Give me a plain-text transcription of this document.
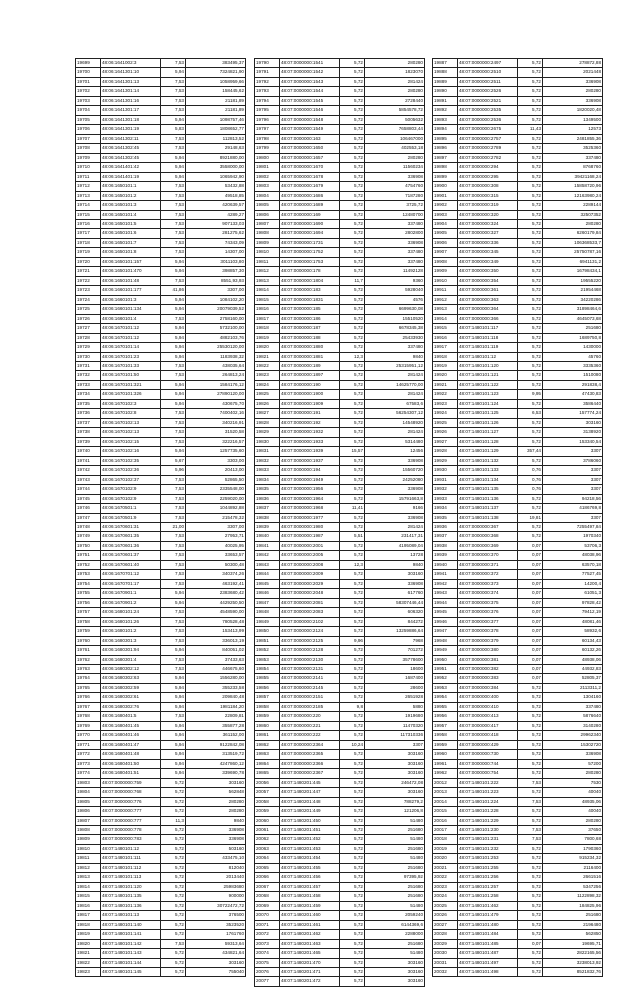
19699	48:06:1641002:3	7,53	383495,37
19700	48:06:1641301:10	5,94	7324821,90
19701	48:06:1641301:13	7,53	1058959,66
19702	48:06:1641301:14	7,53	158445,62
19703	48:06:1641301:16	7,53	21181,89
19704	48:06:1641301:17	7,53	21181,89
19705	48:06:1641301:18	5,94	1098757,46
19706	48:06:1641301:19	5,83	1808652,77
19707	48:06:1641302:11	7,53	112813,52
19708	48:06:1641302:45	7,53	29148,63
19709	48:06:1641302:45	5,94	8921880,00
19710	48:06:1641401:42	5,94	3558000,00
19711	48:06:1641401:19	5,94	1065942,90
19712	48:06:1650101:1	7,53	53432,88
19713	48:06:1650101:2	7,53	49518,85
19714	48:06:1650101:3	7,53	420639,57
19715	48:06:1650101:4	7,53	4289,27
19716	48:06:1650101:5	7,53	907133,03
19717	48:06:1650101:6	7,53	281275,62
19718	48:06:1650101:7	7,53	74343,09
19719	48:06:1650101:8	7,53	14307,00
19720	48:06:1650101:157	5,94	3011103,80
19721	48:06:1650101:470	5,94	398857,30
19722	48:06:1650101:48	7,53	8551,93,93
19723	48:06:1660101:177	41,86	3307,00
19724	48:06:1660101:3	5,94	1084102,20
19725	48:06:1660101:134	5,94	20079039,52
19726	48:06:1660101:4	7,53	2758160,00
19727	48:06:1670101:12	5,94	5732100,00
19728	48:06:1670101:12	5,94	4882103,76
19729	48:06:1670101:14	5,94	25530120,00
19730	48:06:1670101:23	5,94	1183938,32
19731	48:06:1670101:33	7,53	438035,64
19732	48:06:1670101:50	7,53	264813,24
19733	48:06:1670101:321	5,94	1584176,12
19734	48:06:1670101:326	5,94	27890120,00
19735	48:06:1670102:3	5,94	430675,70
19736	48:06:1670102:8	7,53	7400402,16
19737	48:06:1670102:13	7,53	340216,91
19738	48:06:1670102:13	7,53	31520,58
19739	48:06:1670102:15	7,53	322216,57
19740	48:06:1670102:16	5,94	1257735,60
19741	48:06:1670102:35	5,67	3303,00
19742	48:06:1670102:36	5,96	20413,00
19743	48:06:1670102:37	7,53	52865,50
19744	48:06:1670102:9	7,53	2335548,00
19745	48:06:1670102:9	7,53	2259020,00
19746	48:06:1670501:1	7,53	1044892,88
19747	48:06:1670501:9	7,53	215478,32
19748	48:06:1670601:31	21,00	3307,00
19749	48:06:1670601:35	7,53	27953,71
19750	48:06:1670601:36	7,53	40025,95
19751	48:06:1670601:37	7,53	33653,57
19752	48:06:1670601:40	7,53	50300,48
19753	48:06:1670701:12	7,53	340374,26
19754	48:06:1670701:17	7,53	463192,41
19755	48:06:1670901:1	5,94	2383680,42
19756	48:06:1670901:2	5,94	4429250,50
19757	48:06:1680101:24	7,53	4548590,00
19758	48:06:1680101:26	7,53	780528,48
19759	48:06:1680101:2	7,53	153413,99
19760	48:06:1680301:3	7,53	336013,19
19761	48:06:1680301:94	5,94	840051,02
19762	48:06:1680301:4	7,53	37433,63
19763	48:06:1680302:12	7,53	446675,60
19764	48:06:1680302:63	5,94	1556280,00
19765	48:06:1680302:59	5,94	355233,58
19766	48:06:1680302:61	5,94	209840,48
19767	48:06:1680302:76	5,94	1981184,20
19768	48:06:1680401:5	7,53	22809,81
19769	48:06:1680401:45	5,94	355877,28
19770	48:06:1680401:46	5,94	361152,00
19771	48:06:1680401:47	5,94	9122842,08
19772	48:06:1680401:48	5,94	313519,72
19773	48:06:1680401:50	5,94	4247860,12
19774	48:06:1680401:51	5,94	339690,78
19803	48:07:0000000:759	5,72	303160
19804	48:07:0000000:768	5,72	562848
19805	48:07:0000000:776	5,72	280280
19806	48:07:0000000:777	5,72	280280
19807	48:07:0000000:777	11,3	9840
19808	48:07:0000000:778	5,72	336908
19809	48:07:0000000:783	5,72	336908
19810	48:07:1480101:12	5,72	503160
19811	48:07:1480101:111	5,72	433475,10
19812	48:07:1480101:112	5,72	812040
19813	48:07:1480101:113	5,72	2013440
19814	48:07:1480101:120	5,72	25983680
19815	48:07:1480101:135	5,72	900000
19816	48:07:1480101:136	5,72	30722472,72
19817	48:07:1480101:13	5,72	376500
19818	48:07:1480101:140	5,72	3523520
19819	48:07:1480101:141	5,72	1761760
19820	48:07:1480101:142	7,53	59313,64
19821	48:07:1480101:143	5,72	434821,64
19822	48:07:1480101:144	5,72	303160
19823	48:07:1480101:145	5,72	755040
19790	48:07:0000000:1541	5,72	280280
19791	48:07:0000000:1542	5,72	1823070
19792	48:07:0000000:1543	5,72	281424
19793	48:07:0000000:1544	5,72	280280
19794	48:07:0000000:1545	5,72	2728440
19795	48:07:0000000:1546	5,72	5854578,72
19796	48:07:0000000:1548	5,72	5005632
19797	48:07:0000000:1549	5,72	7658803,44
19798	48:07:0000000:163	5,72	106467000
19799	48:07:0000000:1650	5,72	402553,18
19800	48:07:0000000:1657	5,72	280280
19801	48:07:0000000:1670	5,72	11560234
19802	48:07:0000000:1678	5,72	336908
19803	48:07:0000000:1679	5,72	4754760
19804	48:07:0000000:1686	5,72	7187280
19805	48:07:0000000:1689	5,72	3725,72
19806	48:07:0000000:169	5,72	12480700
19807	48:07:0000000:1690	5,72	337480
19808	48:07:0000000:1694	5,72	2802800
19809	48:07:0000000:1731	5,72	336908
19810	48:07:0000000:1752	5,72	337480
19811	48:07:0000000:1753	5,72	337480
19812	48:07:0000000:178	5,72	11492128
19813	48:07:0000000:1804	11,7	9360
19814	48:07:0000000:183	5,72	5928040
19815	48:07:0000000:1831	5,72	4576
19816	48:07:0000000:185	5,72	6699630,08
19817	48:07:0000000:186	5,72	15510520
19818	48:07:0000000:187	5,72	6678345,38
19819	48:07:0000000:188	5,72	25433930
19820	48:07:0000000:1880	5,72	337480
19821	48:07:0000000:1881	12,3	9840
19822	48:07:0000000:189	5,72	25315951,12
19823	48:07:0000000:1897	5,72	281424
19824	48:07:0000000:190	5,72	14625770,00
19825	48:07:0000000:1900	5,72	281424
19826	48:07:0000000:1909	5,72	67583,6
19827	48:07:0000000:191	5,72	56254307,12
19828	48:07:0000000:192	5,72	14548920
19829	48:07:0000000:1932	5,72	281424
19830	48:07:0000000:1933	5,72	5314480
19831	48:07:0000000:1939	15,57	12456
19832	48:07:0000000:1937	5,72	336908
19833	48:07:0000000:194	5,72	15560720
19834	48:07:0000000:1949	5,72	24252080
19835	48:07:0000000:1956	5,72	336908
19836	48:07:0000000:1964	5,72	15791663,8
19837	48:07:0000000:1968	11,41	9166
19838	48:07:0000000:1977	5,72	336908
19839	48:07:0000000:1980	5,72	281424
19840	48:07:0000000:1987	5,51	231417,31
19841	48:07:0000000:2001	5,72	4195089,04
19842	48:07:0000000:2005	5,72	13728
19843	48:07:0000000:2008	12,3	9840
19844	48:07:0000000:2009	5,72	303160
19845	48:07:0000000:2029	5,72	336908
19846	48:07:0000000:2048	5,72	617760
19847	48:07:0000000:2081	5,72	58307446,44
19848	48:07:0000000:2083	5,72	606320
19849	48:07:0000000:2102	5,72	844272
19850	48:07:0000000:2124	5,72	13259886,64
19851	48:07:0000000:2125	9,96	7968
19852	48:07:0000000:2128	5,72	701272
19853	48:07:0000000:2130	5,72	35778600
19854	48:07:0000000:2131	5,72	18600
19855	48:07:0000000:2141	5,72	1687400
19856	48:07:0000000:2145	5,72	28600
19857	48:07:0000000:2151	5,72	2651928
19858	48:07:0000000:2185	9,8	5880
19859	48:07:0000000:220	5,72	1919680
19860	48:07:0000000:221	5,72	11470320
19861	48:07:0000000:222	5,72	117310336
19862	48:07:0000000:2364	10,24	3307
19863	48:07:0000000:2365	5,72	303160
19864	48:07:0000000:2366	5,72	303160
19865	48:07:0000000:2367	5,72	303160
20056	48:07:1480201:445	5,72	246472,08
20057	48:07:1480201:447	5,72	303160
20058	48:07:1480201:448	5,72	788279,2
20059	48:07:1480201:449	5,72	121206,8
20060	48:07:1480201:450	5,72	51480
20061	48:07:1480201:451	5,72	251680
20062	48:07:1480201:452	5,72	51480
20063	48:07:1480201:453	5,72	251680
20064	48:07:1480201:454	5,72	51480
20065	48:07:1480201:455	5,72	251680
20066	48:07:1480201:456	5,72	97395,92
20067	48:07:1480201:457	5,72	251680
20068	48:07:1480201:458	5,72	251680
20069	48:07:1480201:459	5,72	51480
20070	48:07:1480201:460	5,72	2059240
20071	48:07:1480201:461	5,72	6144369,6
20072	48:07:1480201:462	5,72	2288000
20073	48:07:1480201:463	5,72	251680
20074	48:07:1480201:465	5,72	51480
20075	48:07:1480201:470	5,72	303160
20076	48:07:1480201:471	5,72	303160
20077	48:07:1480201:472	5,72	303160
19887	48:07:0000000:2497	5,72	278872,88
19888	48:07:0000000:2510	5,72	2021448
19889	48:07:0000000:2511	5,72	336908
19890	48:07:0000000:2526	5,72	280280
19891	48:07:0000000:2521	5,72	336908
19892	48:07:0000000:2535	5,72	1820020,48
19893	48:07:0000000:2536	5,72	1349500
19894	48:07:0000000:2675	11,43	12573
19895	48:07:0000000:2757	5,72	2481855,36
19896	48:07:0000000:2789	5,72	3525360
19897	48:07:0000000:2782	5,72	337480
19898	48:07:0000000:294	5,72	8768760
19899	48:07:0000000:295	5,72	39421168,24
19900	48:07:0000000:308	5,72	15858720,96
19901	48:07:0000000:315	5,72	12163980,24
19902	48:07:0000000:319	5,72	2289144
19903	48:07:0000000:320	5,72	32507352
19904	48:07:0000000:324	5,72	280280
19905	48:07:0000000:327	5,72	6260179,84
19906	48:07:0000000:336	5,72	106368533,7
19907	48:07:0000000:345	5,72	25750787,16
19908	48:07:0000000:349	5,72	6941131,2
19909	48:07:0000000:350	5,72	16798434,1
19910	48:07:0000000:354	5,72	19555220
19911	48:07:0000000:361	5,72	21954468
19912	48:07:0000000:363	5,72	34220286
19913	48:07:0000000:364	5,72	31898464,6
19914	48:07:0000000:366	5,72	4645073,68
19915	48:07:1480101:117	5,72	251680
19916	48:07:1480101:118	5,72	1689750,8
19917	48:07:1480101:119	5,72	1430000
19918	48:07:1480101:12	5,72	45760
19919	48:07:1480101:120	5,72	3335360
19920	48:07:1480101:121	5,72	1510080
19921	48:07:1480101:122	5,72	291838,4
19922	48:07:1480101:123	9,95	47430,83
19923	48:07:1480101:124	5,72	3586440
19924	48:07:1480101:125	6,53	157774,24
19925	48:07:1480101:126	5,72	303160
19926	48:07:1480101:127	5,72	3138920
19927	48:07:1480101:128	5,72	153340,54
19928	48:07:1480101:129	357,44	3307
19929	48:07:1480101:132	5,72	3786060
19930	48:07:1480101:133	0,76	3307
19931	48:07:1480101:134	0,76	3307
19932	48:07:1480101:135	0,76	3307
19933	48:07:1480101:136	5,72	94218,56
19934	48:07:1480101:137	5,72	4186769,8
19935	48:07:1480101:138	19,81	3307
19936	48:07:0000000:367	5,72	7255497,84
19937	48:07:0000000:368	5,72	1970340
19938	48:07:0000000:369	0,07	53706,3
19939	48:07:0000000:370	0,07	48038,96
19940	48:07:0000000:371	0,07	63570,18
19941	48:07:0000000:372	0,07	77527,45
19942	48:07:0000000:373	0,07	14200,4
19943	48:07:0000000:374	0,07	61051,3
19944	48:07:0000000:375	0,07	97828,42
19945	48:07:0000000:376	0,07	79412,19
19946	48:07:0000000:377	0,07	48081,46
19947	48:07:0000000:378	0,07	58932,6
19948	48:07:0000000:379	0,07	60134,43
19949	48:07:0000000:380	0,07	60132,26
19950	48:07:0000000:381	0,07	48938,06
19951	48:07:0000000:382	0,07	44932,83
19952	48:07:0000000:383	0,07	52805,37
19953	48:07:0000000:384	5,72	2113311,2
19954	48:07:0000000:400	5,72	1304160
19955	48:07:0000000:410	5,72	337480
19956	48:07:0000000:413	5,72	5876640
19957	48:07:0000000:417	5,72	3140280
19958	48:07:0000000:418	5,72	29962340
19959	48:07:0000000:429	5,72	15302720
19960	48:07:0000000:730	5,72	336908
19961	48:07:0000000:744	5,72	57200
19962	48:07:0000000:754	5,72	280280
20012	48:07:1480101:222	7,53	7530
20013	48:07:1480101:223	5,72	40040
20014	48:07:1480101:224	7,53	48935,06
20015	48:07:1480101:228	5,72	40040
20016	48:07:1480101:229	5,72	280280
20017	48:07:1480101:230	7,53	37650
20018	48:07:1480101:231	7,53	7800,68
20019	48:07:1480101:232	5,72	1790360
20020	48:07:1480101:253	5,72	915234,32
20021	48:07:1480101:255	5,72	2116400
20022	48:07:1480101:256	5,72	2661516
20023	48:07:1480101:257	5,72	5347256
20024	48:07:1480101:258	5,72	1122898,32
20025	48:07:1480101:462	5,72	184825,96
20026	48:07:1480101:479	5,72	251680
20027	48:07:1480101:480	5,72	2196480
20028	48:07:1480101:484	5,72	562850
20029	48:07:1480101:485	0,07	19695,71
20030	48:07:1480101:487	5,72	2822165,56
20031	48:07:1480101:497	5,72	3238013,92
20032	48:07:1480101:498	5,72	8521832,76
